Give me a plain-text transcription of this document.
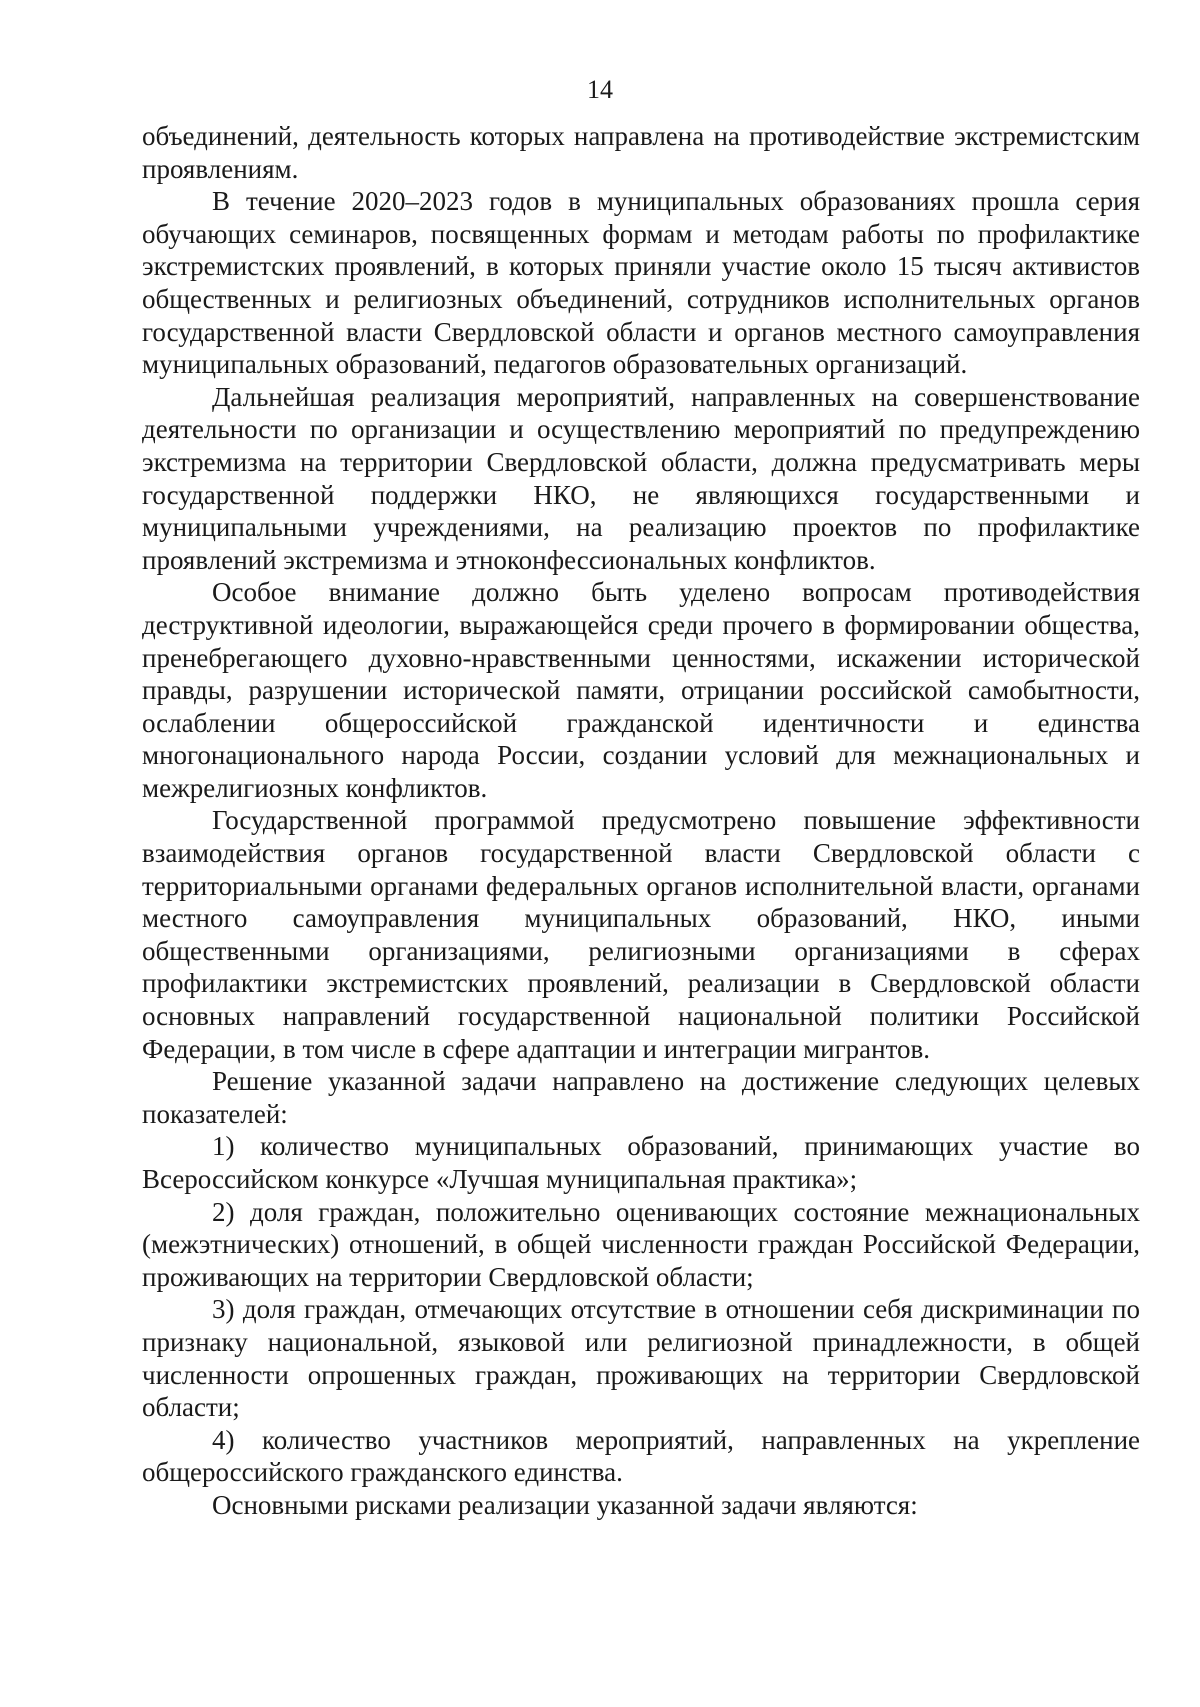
14

объединений, деятельность которых направлена на противодействие экстремистским проявлениям.

В течение 2020–2023 годов в муниципальных образованиях прошла серия обучающих семинаров, посвященных формам и методам работы по профилактике экстремистских проявлений, в которых приняли участие около 15 тысяч активистов общественных и религиозных объединений, сотрудников исполнительных органов государственной власти Свердловской области и органов местного самоуправления муниципальных образований, педагогов образовательных организаций.

Дальнейшая реализация мероприятий, направленных на совершенствование деятельности по организации и осуществлению мероприятий по предупреждению экстремизма на территории Свердловской области, должна предусматривать меры государственной поддержки НКО, не являющихся государственными и муниципальными учреждениями, на реализацию проектов по профилактике проявлений экстремизма и этноконфессиональных конфликтов.

Особое внимание должно быть уделено вопросам противодействия деструктивной идеологии, выражающейся среди прочего в формировании общества, пренебрегающего духовно-нравственными ценностями, искажении исторической правды, разрушении исторической памяти, отрицании российской самобытности, ослаблении общероссийской гражданской идентичности и единства многонационального народа России, создании условий для межнациональных и межрелигиозных конфликтов.

Государственной программой предусмотрено повышение эффективности взаимодействия органов государственной власти Свердловской области с территориальными органами федеральных органов исполнительной власти, органами местного самоуправления муниципальных образований, НКО, иными общественными организациями, религиозными организациями в сферах профилактики экстремистских проявлений, реализации в Свердловской области основных направлений государственной национальной политики Российской Федерации, в том числе в сфере адаптации и интеграции мигрантов.

Решение указанной задачи направлено на достижение следующих целевых показателей:

1) количество муниципальных образований, принимающих участие во Всероссийском конкурсе «Лучшая муниципальная практика»;

2) доля граждан, положительно оценивающих состояние межнациональных (межэтнических) отношений, в общей численности граждан Российской Федерации, проживающих на территории Свердловской области;

3) доля граждан, отмечающих отсутствие в отношении себя дискриминации по признаку национальной, языковой или религиозной принадлежности, в общей численности опрошенных граждан, проживающих на территории Свердловской области;

4) количество участников мероприятий, направленных на укрепление общероссийского гражданского единства.

Основными рисками реализации указанной задачи являются:
